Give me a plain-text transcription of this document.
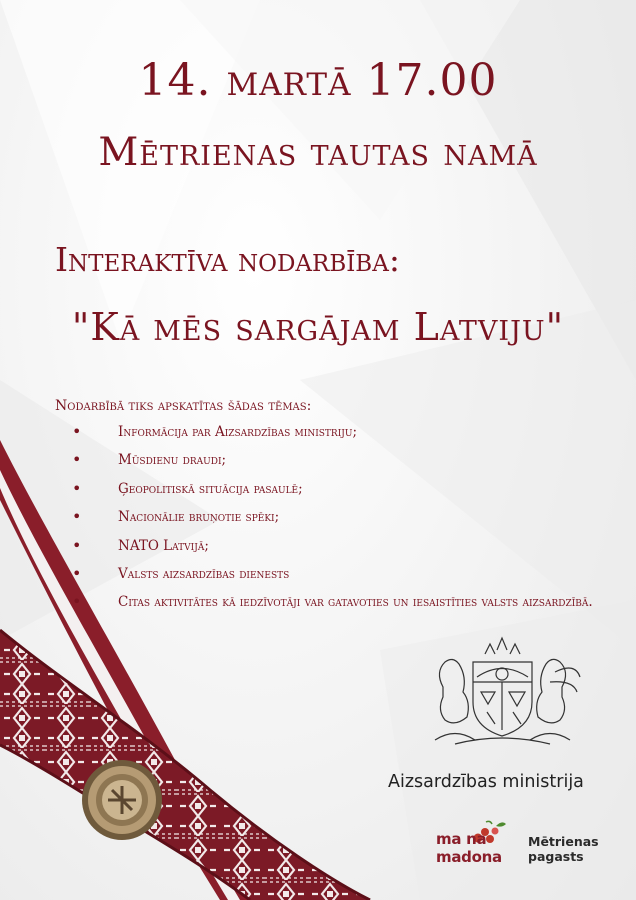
14. martā 17.00
Mētrienas tautas namā
Interaktīva nodarbība:
"Kā mēs sargājam Latviju"
Nodarbībā tiks apskatītas šādas tēmas:
•	Informācija par Aizsardzības ministriju;
•	Mūsdienu draudi;
•	Ģeopolitiskā situācija pasaulē;
•	Nacionālie bruņotie spēki;
•	NATO Latvijā;
•	Valsts aizsardzības dienests
•	Citas aktivitātes kā iedzīvotāji var gatavoties un iesaistīties valsts aizsardzībā.
Aizsardzības ministrija
ma na
madona
Mētrienas
pagasts
